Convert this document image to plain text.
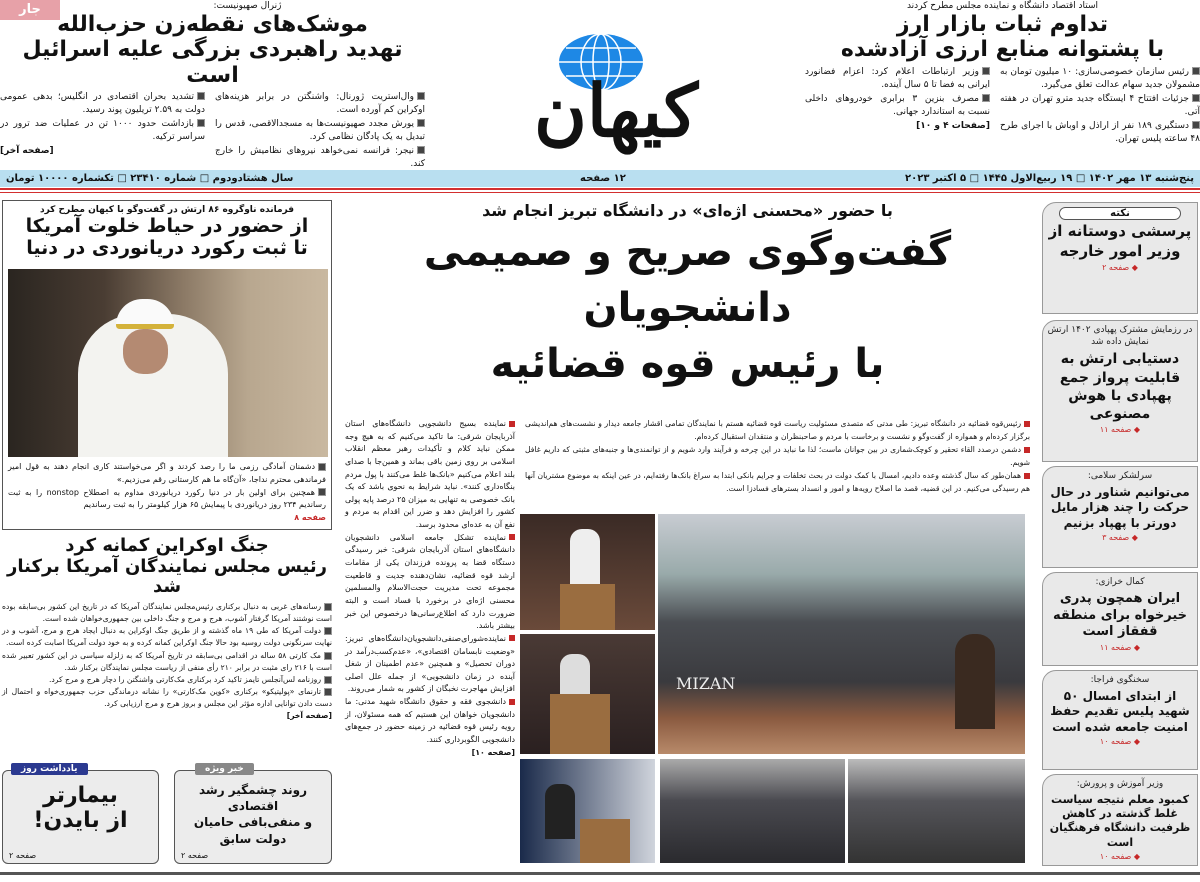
جار	ژنرال صهیونیست:
موشک‌های نقطه‌زن حزب‌الله
تهدید راهبردی بزرگی علیه اسرائیل است
وال‌استریت ژورنال: واشنگتن در برابر هزینه‌های اوکراین کم آورده است.
یورش مجدد صهیونیست‌ها به مسجدالاقصی، قدس را تبدیل به یک پادگان نظامی کرد.
نیجر: فرانسه نمی‌خواهد نیروهای نظامیش را خارج کند.
تشدید بحران اقتصادی در انگلیس؛ بدهی عمومی دولت به ۲.۵۹ تریلیون پوند رسید.
بازداشت حدود ۱۰۰۰ تن در عملیات ضد ترور در سراسر ترکیه.
[صفحه آخر]	کیهان
استاد اقتصاد دانشگاه و نماینده مجلس مطرح کردند
تداوم ثبات بازار ارز
با پشتوانه منابع ارزی آزادشده
رئیس سازمان خصوصی‌سازی: ۱۰ میلیون تومان به مشمولان جدید سهام عدالت تعلق می‌گیرد.
جزئیات افتتاح ۴ ایستگاه جدید مترو تهران در هفته آتی.
دستگیری ۱۸۹ نفر از اراذل و اوباش با اجرای طرح ۴۸ ساعته پلیس تهران.
وزیر ارتباطات اعلام کرد: اعزام فضانورد ایرانی به فضا تا ۵ سال آینده.
مصرف بنزین ۳ برابری خودروهای داخلی نسبت به استاندارد جهانی.
[صفحات ۴ و ۱۰]
پنج‌شنبه ۱۳ مهر ۱۴۰۲ □ ۱۹ ربیع‌الاول ۱۴۴۵ □ ۵ اکتبر ۲۰۲۳
۱۲ صفحه
سال هشتادودوم □ شماره ۲۳۴۱۰ □ تکشماره ۱۰۰۰۰ تومان
فرمانده ناوگروه ۸۶ ارتش در گفت‌وگو با کیهان مطرح کرد
از حضور در حیاط خلوت آمریکا
تا ثبت رکورد دریانوردی در دنیا
دشمنان آمادگی رزمی ما را رصد کردند و اگر می‌خواستند کاری انجام دهند به قول امیر فرماندهی محترم نداجا، «آن‌گاه ما هم کارستانی رقم می‌زدیم.»
همچنین برای اولین بار در دنیا رکورد دریانوردی مداوم به اصطلاح nonstop را به ثبت رساندیم ۲۳۴ روز دریانوردی با پیمایش ۶۵ هزار کیلومتر را به ثبت رساندیم
صفحه ۸
جنگ اوکراین کمانه کرد
رئیس مجلس نمایندگان آمریکا برکنار شد
رسانه‌های غربی به دنبال برکناری رئیس‌مجلس نمایندگان آمریکا که در تاریخ این کشور بی‌سابقه بوده است نوشتند آمریکا گرفتار آشوب، هرج و مرج و جنگ داخلی بین جمهوری‌خواهان شده است.
دولت آمریکا که طی ۱۹ ماه گذشته و از طریق جنگ اوکراین به دنبال ایجاد هرج و مرج، آشوب و در نهایت سرنگونی دولت روسیه بود حالا جنگ اوکراین کمانه کرده و به خود دولت آمریکا اصابت کرده است.
مک کارتی ۵۸ ساله در اقدامی بی‌سابقه در تاریخ آمریکا که به زلزله سیاسی در این کشور تعبیر شده است با ۲۱۶ رای مثبت در برابر ۲۱۰ رأی منفی از ریاست مجلس نمایندگان برکنار شد.
روزنامه لس‌آنجلس تایمز تاکید کرد برکناری مک‌کارتی واشنگتن را دچار هرج و مرج کرد.
تارنمای «پولیتیکو» برکناری «کوین مک‌کارتی» را نشانه درماندگی حزب جمهوری‌خواه و احتمال از دست دادن توانایی اداره مؤثر این مجلس و بروز هرج و مرج ارزیابی کرد.
[صفحه آخر]
یادداشت روز
بیمارتر
از بایدن!
صفحه ۲
خبر ویژه
روند چشمگیر رشد اقتصادی
و منفی‌بافی حامیان دولت سابق
صفحه ۲
با حضور «محسنی اژه‌ای» در دانشگاه تبریز انجام شد
گفت‌وگوی صریح و صمیمی دانشجویان
با رئیس قوه قضائیه
رئیس‌قوه قضائیه در دانشگاه تبریز: طی مدتی که متصدی مسئولیت ریاست قوه قضائیه هستم با نمایندگان تمامی اقشار جامعه دیدار و نشست‌های هم‌اندیشی برگزار کرده‌ام و همواره از گفت‌وگو و نشست و برخاست با مردم و صاحبنظران و منتقدان استقبال کرده‌ام.
دشمن درصدد القاء تحقیر و کوچک‌شماری در بین جوانان ماست؛ لذا ما نباید در این چرخه و فرآیند وارد شویم و از توانمندی‌ها و جنبه‌های مثبتی که داریم غافل شویم.
همان‌طور که سال گذشته وعده دادیم، امسال با کمک دولت در بحث تخلفات و جرایم بانکی ابتدا به سراغ بانک‌ها رفته‌ایم، در عین اینکه به موضوع مشتریان آنها هم رسیدگی می‌کنیم. در این قضیه، قصد ما اصلاح رویه‌ها و امور و انسداد بسترهای فسادزا است.
نماینده بسیج دانشجویی دانشگاه‌های استان آذربایجان شرقی: ما تاکید می‌کنیم که به هیچ وجه ممکن نباید کلام و تأکیدات رهبر معظم انقلاب اسلامی بر روی زمین باقی بماند و همین‌جا با صدای بلند اعلام می‌کنیم «بانک‌ها غلط می‌کنند با پول مردم بنگاه‌داری کنند». نباید شرایط به نحوی باشد که یک بانک خصوصی به تنهایی به میزان ۲۵ درصد پایه پولی کشور را افزایش دهد و ضرر این اقدام به مردم و نفع آن به عده‌ای محدود برسد.
نماینده تشکل جامعه اسلامی دانشجویان دانشگاه‌های استان آذربایجان شرقی: خبر رسیدگی دستگاه قضا به پرونده فرزندان یکی از مقامات ارشد قوه قضائیه، نشان‌دهنده جدیت و قاطعیت مجموعه تحت مدیریت حجت‌الاسلام والمسلمین محسنی اژه‌ای در برخورد با فساد است و البته ضرورت دارد که اطلاع‌رسانی‌ها درخصوص این خبر بیشتر باشد.
نماینده‌شورای‌صنفی‌دانشجویان‌دانشگاه‌های تبریز: «وضعیت نابسامان اقتصادی»، «عدم‌کسب‌درآمد در دوران تحصیل» و همچنین «عدم اطمینان از شغل آینده در زمان دانشجویی» از جمله علل اصلی افزایش مهاجرت نخبگان از کشور به شمار می‌روند.
دانشجوی فقه و حقوق دانشگاه شهید مدنی: ما دانشجویان خواهان این هستیم که همه مسئولان، از رویه رئیس قوه قضائیه در زمینه حضور در جمع‌های دانشجویی الگوبرداری کنند.
[صفحه ۱۰]
MIZAN
نکته
پرسشی دوستانه از وزیر امور خارجه
◆ صفحه ۲
در رزمایش مشترک پهپادی ۱۴۰۲ ارتش نمایش داده شد
دستیابی ارتش به قابلیت پرواز جمع پهپادی با هوش مصنوعی
◆ صفحه ۱۱
سرلشکر سلامی:
می‌توانیم شناور در حال حرکت را چند هزار مایل دورتر با پهپاد بزنیم
◆ صفحه ۳
کمال خرازی:
ایران همچون پدری خیرخواه برای منطقه قفقاز است
◆ صفحه ۱۱
سخنگوی فراجا:
از ابتدای امسال ۵۰ شهید پلیس تقدیم حفظ امنیت جامعه شده است
◆ صفحه ۱۰
وزیر آموزش و پرورش:
کمبود معلم نتیجه سیاست غلط گذشته در کاهش ظرفیت دانشگاه فرهنگیان است
◆ صفحه ۱۰
